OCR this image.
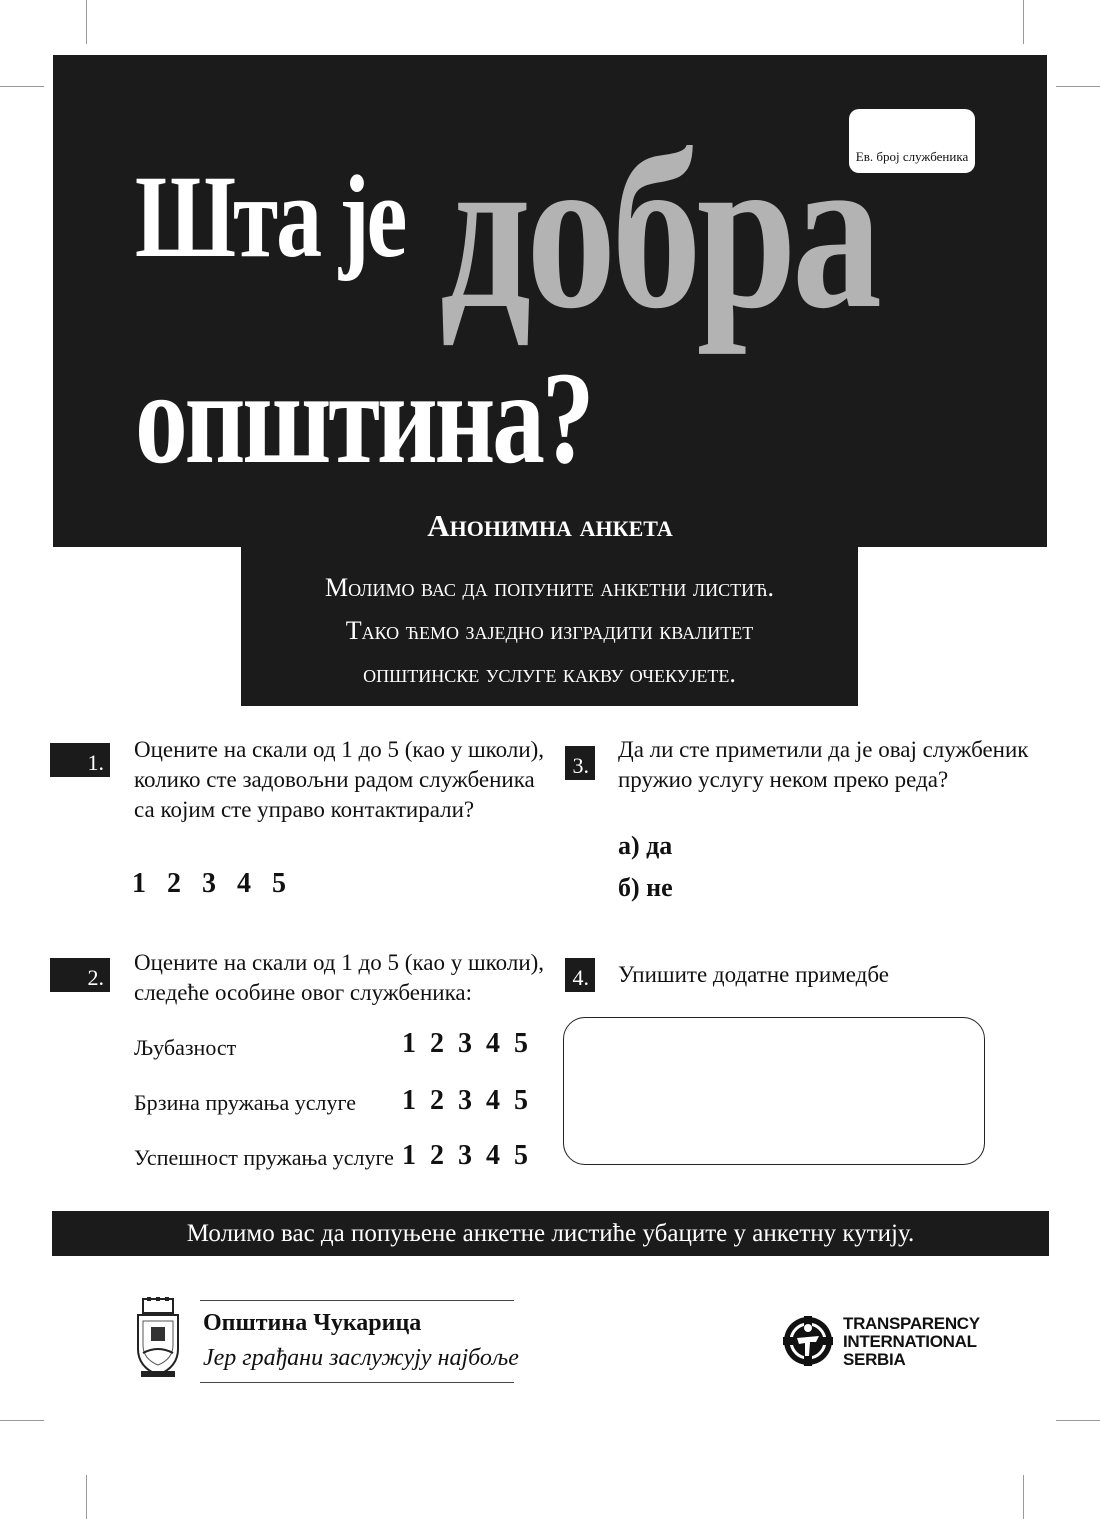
Ев. број службеника
Шта је добра
општина?
Анонимна анкета
Молимо вас да попуните анкетни листић.
Тако ћемо заједно изградити квалитет
општинске услуге какву очекујете.
1.
Оцените на скали од 1 до 5 (као у школи),
колико сте задовољни радом службеника
са којим сте управо контактирали?
1 2 3 4 5
2.
Оцените на скали од 1 до 5 (као у школи),
следеће особине овог службеника:
Љубазност	1 2 3 4 5
Брзина пружања услуге 1 2 3 4 5
Успешност пружања услуге 1 2 3 4 5
3.
Да ли сте приметили да је овај службеник
пружио услугу неком преко реда?
а) да
б) не
4. Упишите додатне примедбе
Молимо вас да попуњене анкетне листиће убаците у анкетну кутију.
Општина Чукарица
Јер грађани заслужују најбоље
TRANSPARENCY
INTERNATIONAL
SERBIA
